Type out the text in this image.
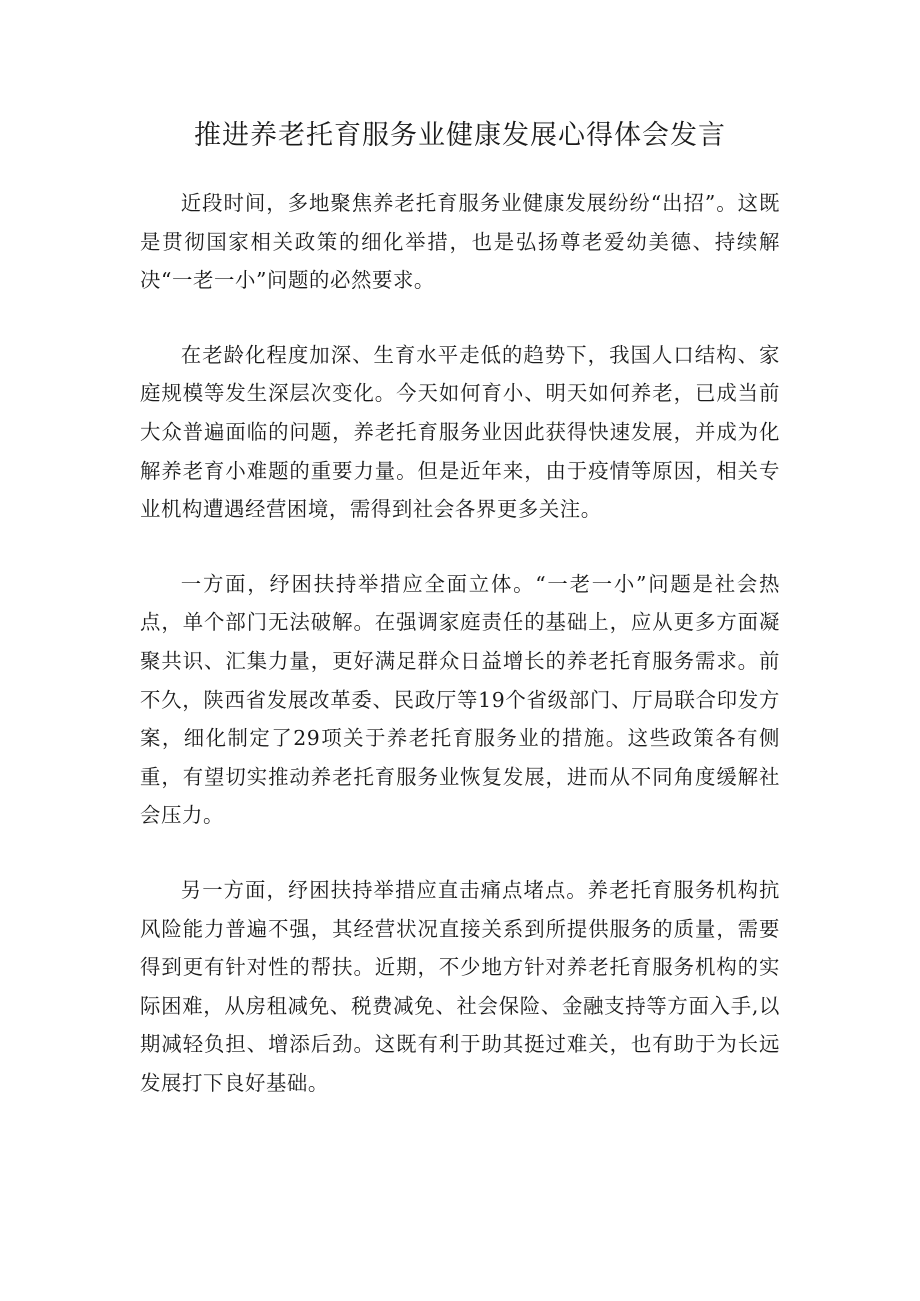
推进养老托育服务业健康发展心得体会发言

近段时间，多地聚焦养老托育服务业健康发展纷纷“出招”。这既是贯彻国家相关政策的细化举措，也是弘扬尊老爱幼美德、持续解决“一老一小”问题的必然要求。

在老龄化程度加深、生育水平走低的趋势下，我国人口结构、家庭规模等发生深层次变化。今天如何育小、明天如何养老，已成当前大众普遍面临的问题，养老托育服务业因此获得快速发展，并成为化解养老育小难题的重要力量。但是近年来，由于疫情等原因，相关专业机构遭遇经营困境，需得到社会各界更多关注。

一方面，纾困扶持举措应全面立体。“一老一小”问题是社会热点，单个部门无法破解。在强调家庭责任的基础上，应从更多方面凝聚共识、汇集力量，更好满足群众日益增长的养老托育服务需求。前不久，陕西省发展改革委、民政厅等19个省级部门、厅局联合印发方案，细化制定了29项关于养老托育服务业的措施。这些政策各有侧重，有望切实推动养老托育服务业恢复发展，进而从不同角度缓解社会压力。

另一方面，纾困扶持举措应直击痛点堵点。养老托育服务机构抗风险能力普遍不强，其经营状况直接关系到所提供服务的质量，需要得到更有针对性的帮扶。近期，不少地方针对养老托育服务机构的实际困难，从房租减免、税费减免、社会保险、金融支持等方面入手,以期减轻负担、增添后劲。这既有利于助其挺过难关，也有助于为长远发展打下良好基础。
